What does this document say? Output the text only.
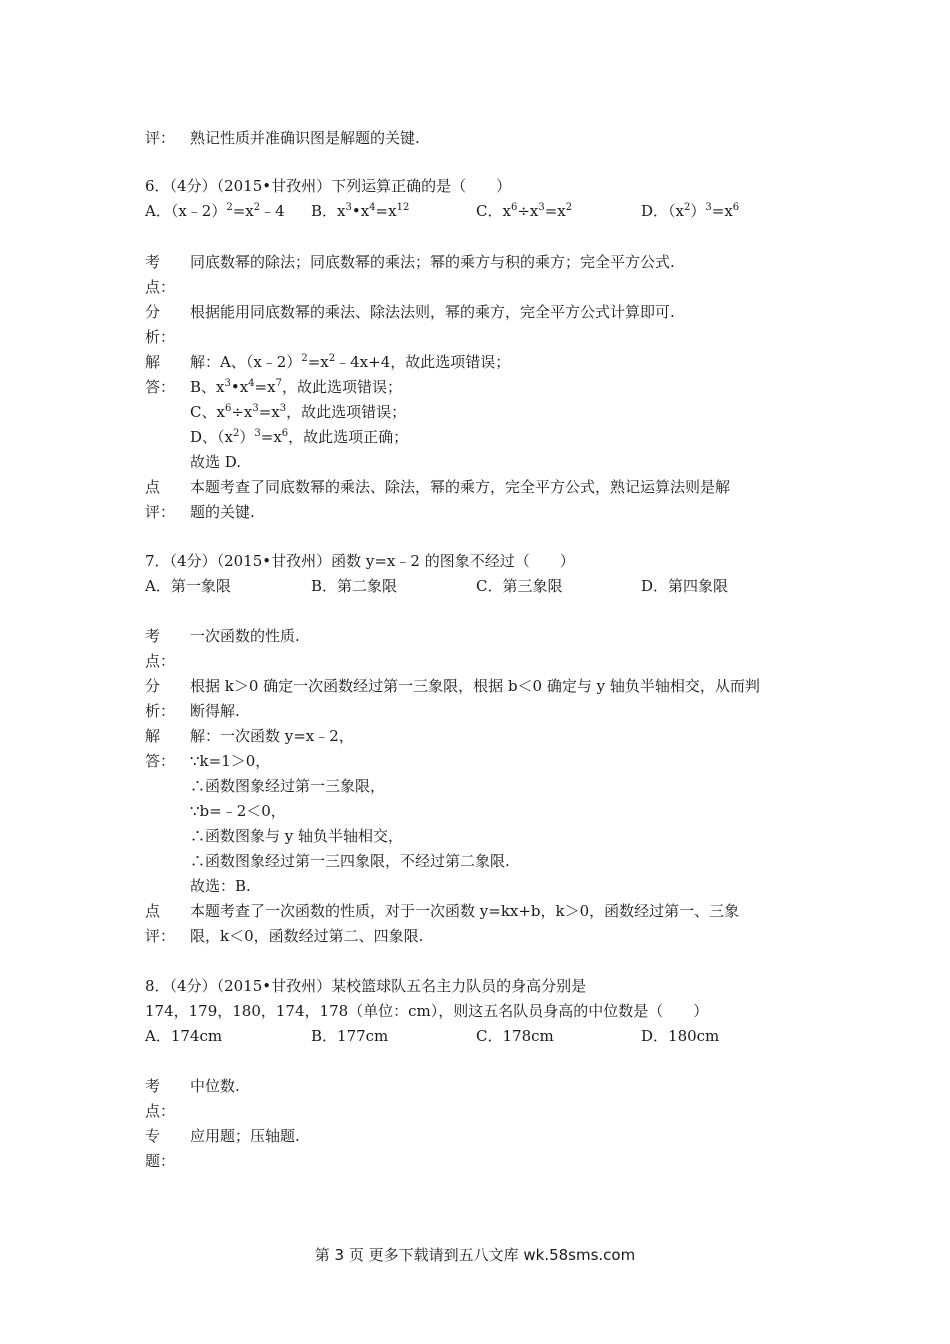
评： 熟记性质并准确识图是解题的关键.
6．（4分）（2015•甘孜州）下列运算正确的是（　　）
A．$(x﹣2)^2=x^2﹣4$ B．$x^3•x^4=x^{12}$	C．$x^6\div x^3=x^2$	D．$(x^2)^3=x^6$
考
点：
同底数幂的除法；同底数幂的乘法；幂的乘方与积的乘方；完全平方公式.
分
析：
根据能用同底数幂的乘法、除法法则，幂的乘方，完全平方公式计算即可.
解
答：
解：A、$(x﹣2)^2=x^2﹣4x+4$，故此选项错误；
B、$x^3•x^4=x^7$，故此选项错误；
C、$x^6\div x^3=x^3$，故此选项错误；
D、$(x^2)^3=x^6$，故此选项正确；
故选 D.
点
评：
本题考查了同底数幂的乘法、除法，幂的乘方，完全平方公式，熟记运算法则是解
题的关键.
7．（4分）（2015•甘孜州）函数 y=x﹣2 的图象不经过（　　）
A．第一象限	B．第二象限	C．第三象限	D．第四象限
考
点：
一次函数的性质.
分
析：
根据 k＞0 确定一次函数经过第一三象限，根据 b＜0 确定与 y 轴负半轴相交，从而判
断得解.
解
答：
解：一次函数 y=x﹣2，
∵k=1＞0，
∴函数图象经过第一三象限，
∵b=﹣2＜0，
∴函数图象与 y 轴负半轴相交，
∴函数图象经过第一三四象限，不经过第二象限.
故选：B.
点
评：
本题考查了一次函数的性质，对于一次函数 y=kx+b，k＞0，函数经过第一、三象
限，k＜0，函数经过第二、四象限.
8．（4分）（2015•甘孜州）某校篮球队五名主力队员的身高分别是
174，179，180，174，178（单位：cm），则这五名队员身高的中位数是（　　）
A．174cm	B．177cm	C．178cm	D．180cm
考
点：
中位数.
专
题：
应用题；压轴题.
第 3 页 更多下载请到五八文库 wk.58sms.com
